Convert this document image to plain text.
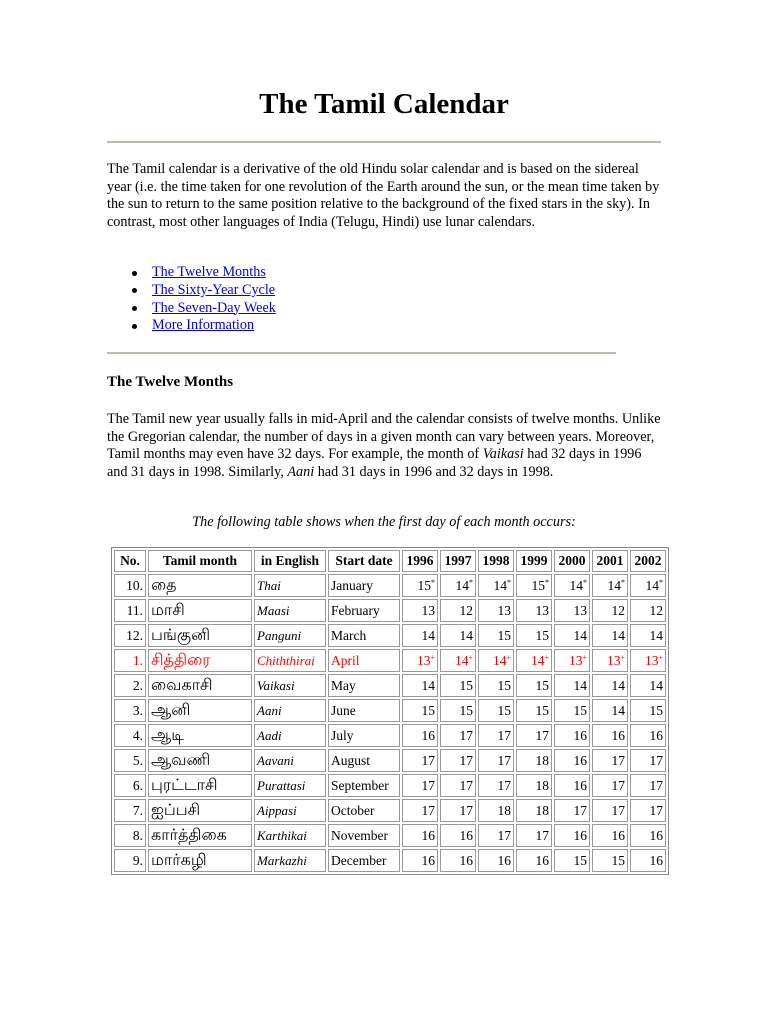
The Tamil Calendar

The Tamil calendar is a derivative of the old Hindu solar calendar and is based on the sidereal year (i.e. the time taken for one revolution of the Earth around the sun, or the mean time taken by the sun to return to the same position relative to the background of the fixed stars in the sky). In contrast, most other languages of India (Telugu, Hindi) use lunar calendars.

The Twelve Months
The Sixty-Year Cycle
The Seven-Day Week
More Information
The Twelve Months

The Tamil new year usually falls in mid-April and the calendar consists of twelve months. Unlike the Gregorian calendar, the number of days in a given month can vary between years. Moreover, Tamil months may even have 32 days. For example, the month of Vaikasi had 32 days in 1996 and 31 days in 1998. Similarly, Aani had 31 days in 1996 and 32 days in 1998.

The following table shows when the first day of each month occurs:

No.	Tamil month	in English	Start date	1996	1997	1998	1999	2000	2001	2002
10.	தை	Thai	January	15*	14*	14*	15*	14*	14*	14*
11.	மாசி	Maasi	February	13	12	13	13	13	12	12
12.	பங்குனி	Panguni	March	14	14	15	15	14	14	14
1.	சித்திரை	Chiththirai	April	13+	14+	14+	14+	13+	13+	13+
2.	வைகாசி	Vaikasi	May	14	15	15	15	14	14	14
3.	ஆனி	Aani	June	15	15	15	15	15	14	15
4.	ஆடி	Aadi	July	16	17	17	17	16	16	16
5.	ஆவணி	Aavani	August	17	17	17	18	16	17	17
6.	புரட்டாசி	Purattasi	September	17	17	17	18	16	17	17
7.	ஐப்பசி	Aippasi	October	17	17	18	18	17	17	17
8.	கார்த்திகை	Karthikai	November	16	16	17	17	16	16	16
9.	மார்கழி	Markazhi	December	16	16	16	16	15	15	16
